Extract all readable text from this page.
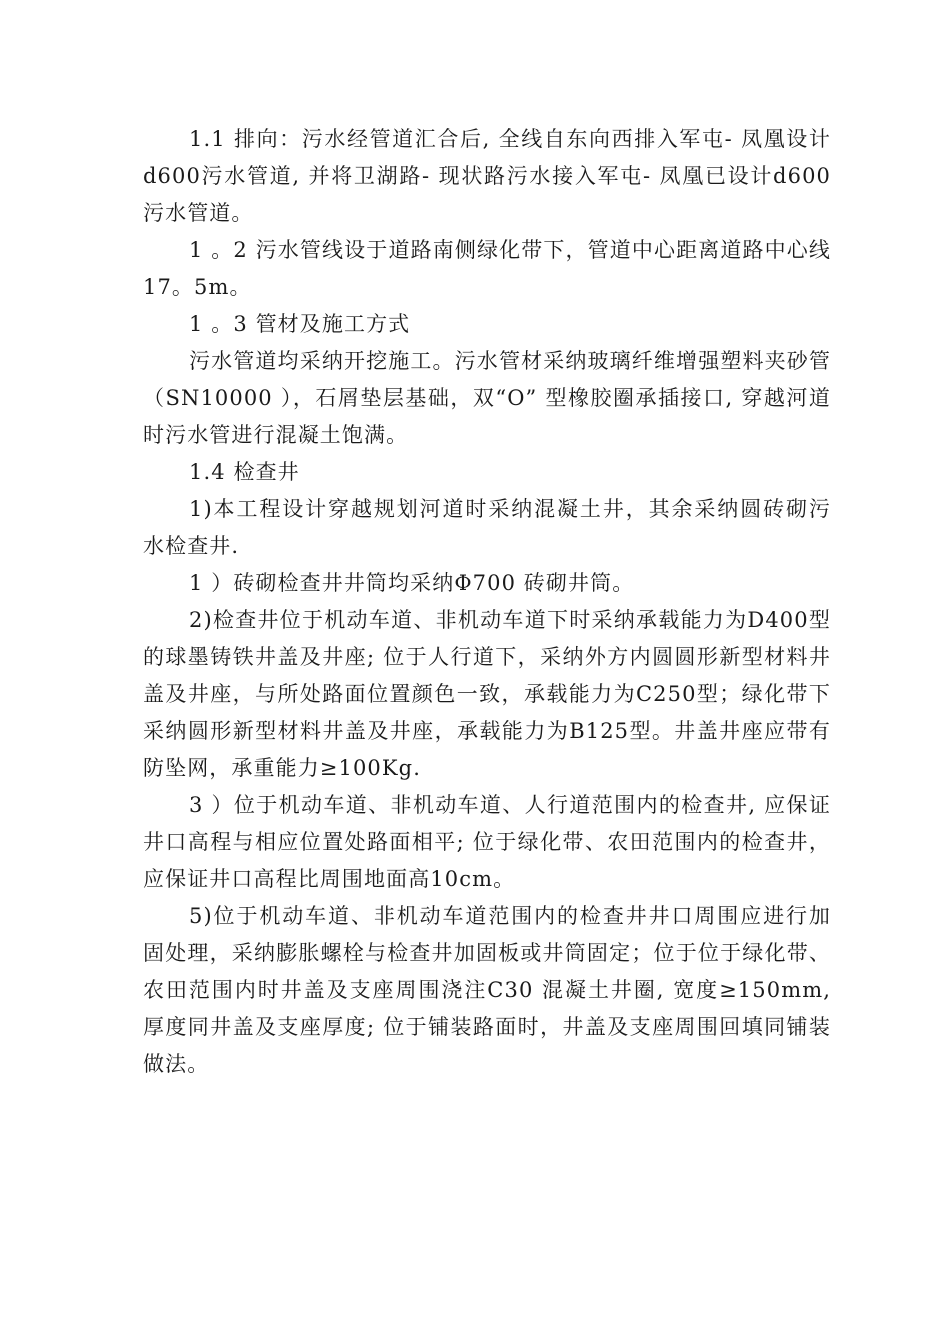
1.1 排向：污水经管道汇合后, 全线自东向西排入军屯- 凤凰设计d600污水管道, 并将卫湖路- 现状路污水接入军屯- 凤凰已设计d600污水管道。

1 。2 污水管线设于道路南侧绿化带下，管道中心距离道路中心线17。5m。

1 。3 管材及施工方式

污水管道均采纳开挖施工。污水管材采纳玻璃纤维增强塑料夹砂管（SN10000 ），石屑垫层基础，双“O” 型橡胶圈承插接口, 穿越河道时污水管进行混凝土饱满。

1.4 检查井

1)本工程设计穿越规划河道时采纳混凝土井，其余采纳圆砖砌污水检查井.

1 ）砖砌检查井井筒均采纳Φ700 砖砌井筒。

2)检查井位于机动车道、非机动车道下时采纳承载能力为D400型的球墨铸铁井盖及井座; 位于人行道下，采纳外方内圆圆形新型材料井盖及井座，与所处路面位置颜色一致，承载能力为C250型；绿化带下采纳圆形新型材料井盖及井座，承载能力为B125型。井盖井座应带有防坠网，承重能力≥100Kg.

3 ）位于机动车道、非机动车道、人行道范围内的检查井, 应保证井口高程与相应位置处路面相平; 位于绿化带、农田范围内的检查井，应保证井口高程比周围地面高10cm。

5)位于机动车道、非机动车道范围内的检查井井口周围应进行加固处理，采纳膨胀螺栓与检查井加固板或井筒固定；位于位于绿化带、农田范围内时井盖及支座周围浇注C30 混凝土井圈, 宽度≥150mm, 厚度同井盖及支座厚度; 位于铺装路面时，井盖及支座周围回填同铺装做法。
